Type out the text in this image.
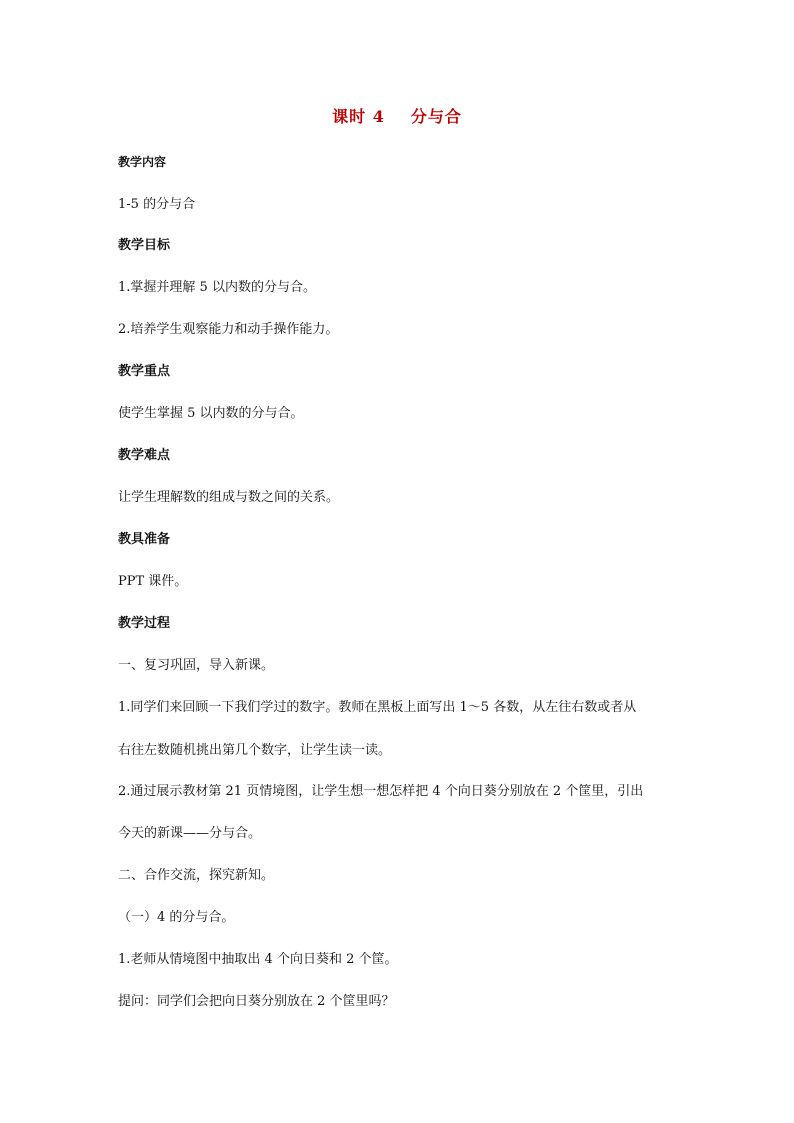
课时 4 分与合
教学内容
1-5 的分与合
教学目标
1.掌握并理解 5 以内数的分与合。
2.培养学生观察能力和动手操作能力。
教学重点
使学生掌握 5 以内数的分与合。
教学难点
让学生理解数的组成与数之间的关系。
教具准备
PPT 课件。
教学过程
一、复习巩固，导入新课。
1.同学们来回顾一下我们学过的数字。教师在黑板上面写出 1～5 各数，从左往右数或者从
右往左数随机挑出第几个数字，让学生读一读。
2.通过展示教材第 21 页情境图，让学生想一想怎样把 4 个向日葵分别放在 2 个筐里，引出
今天的新课——分与合。
二、合作交流，探究新知。
（一）4 的分与合。
1.老师从情境图中抽取出 4 个向日葵和 2 个筐。
提问：同学们会把向日葵分别放在 2 个筐里吗？
